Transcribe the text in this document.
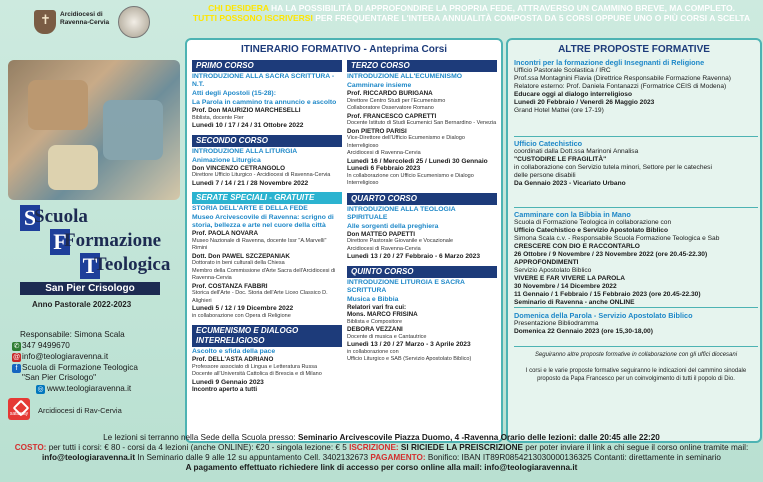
✝
Arcidiocesi di
Ravenna-Cervia
S
Scuola
F
Formazione
T
Teologica
San Pier Crisologo
Anno Pastorale 2022-2023
Responsabile: Simona Scala
✆ 347 9499670
@ info@teologiaravenna.it
f Scuola di Formazione Teologica
"San Pier Crisologo"
◎ www.teologiaravenna.it
satispay Arcidiocesi di Rav-Cervia
CHI DESIDERA HA LA POSSIBILITÀ DI APPROFONDIRE LA PROPRIA FEDE, ATTRAVERSO UN CAMMINO BREVE, MA COMPLETO.
TUTTI POSSONO ISCRIVERSI PER FREQUENTARE L'INTERA ANNUALITÀ COMPOSTA DA 5 CORSI OPPURE UNO O PIÙ CORSI A SCELTA
ITINERARIO FORMATIVO - Anteprima Corsi
PRIMO CORSO
INTRODUZIONE ALLA SACRA SCRITTURA - N.T.
Atti degli Apostoli (15-28):
La Parola in cammino tra annuncio e ascolto
Prof. Don MAURIZIO MARCHESELLI
Biblista, docente Fter
Lunedì 10 / 17 / 24 / 31 Ottobre 2022
SECONDO CORSO
INTRODUZIONE ALLA LITURGIA
Animazione Liturgica
Don VINCENZO CETRANGOLO
Direttore Ufficio Liturgico - Arcidiocesi di Ravenna-Cervia
Lunedì 7 / 14 / 21 / 28 Novembre 2022
SERATE SPECIALI - GRATUITE
STORIA DELL'ARTE E DELLA FEDE
Museo Arcivescovile di Ravenna: scrigno di storia, bellezza e arte nel cuore della città
Prof. PAOLA NOVARA
Museo Nazionale di Ravenna, docente Issr "A.Marvelli" Rimini
Dott. Don PAWEL SZCZEPANIAK
Dottorato in beni culturali della Chiesa
Membro della Commissione d'Arte Sacra dell'Arcidiocesi di Ravenna-Cervia
Prof. COSTANZA FABBRI
Storica dell'Arte - Doc. Storia dell'Arte Liceo Classico D. Alighieri
Lunedì 5 / 12 / 19 Dicembre 2022
in collaborazione con Opera di Religione
ECUMENISMO E DIALOGO INTERRELIGIOSO
Ascolto e sfida della pace
Prof. DELL'ASTA ADRIANO
Professore associato di Lingua e Letteratura Russa
Docente all'Università Cattolica di Brescia e di Milano
Lunedì 9 Gennaio 2023
Incontro aperto a tutti
TERZO CORSO
INTRODUZIONE ALL'ECUMENISMO
Camminare insieme
Prof. RICCARDO BURIGANA
Direttore Centro Studi per l'Ecumenismo
Collaboratore Osservatore Romano
Prof. FRANCESCO CAPRETTI
Docente Istituto di Studi Ecumenici San Bernardino - Venezia
Don PIETRO PARISI
Vice-Direttore dell'Ufficio Ecumenismo e Dialogo Interreligioso
Arcidiocesi di Ravenna-Cervia
Lunedì 16 / Mercoledì 25 / Lunedì 30 Gennaio
Lunedì 6 Febbraio 2023
In collaborazione con Ufficio Ecumenismo e Dialogo Interreligioso
QUARTO CORSO
INTRODUZIONE ALLA TEOLOGIA SPIRITUALE
Alle sorgenti della preghiera
Don MATTEO PAPETTI
Direttore Pastorale Giovanile e Vocazionale
Arcidiocesi di Ravenna-Cervia
Lunedì 13 / 20 / 27 Febbraio - 6 Marzo 2023
QUINTO CORSO
INTRODUZIONE LITURGIA E SACRA SCRITTURA
Musica e Bibbia
Relatori vari fra cui:
Mons. MARCO FRISINA
Biblista e Compositore
DEBORA VEZZANI
Docente di musica e Cantautrice
Lunedì 13 / 20 / 27 Marzo - 3 Aprile 2023
in collaborazione con
Ufficio Liturgico e SAB (Servizio Apostolato Biblico)
ALTRE PROPOSTE FORMATIVE
Incontri per la formazione degli Insegnanti di Religione
Ufficio Pastorale Scolastica / IRC
Prof.ssa Montagnini Flavia (Direttrice Responsabile Formazione Ravenna)
Relatore esterno: Prof. Daniela Fontanazzi (Formatrice CEIS di Modena)
Educare oggi al dialogo interreligioso
Lunedì 20 Febbraio / Venerdì 26 Maggio 2023
Grand Hotel Mattei (ore 17-19)
Ufficio Catechistico
coordinati dalla Dott.ssa Marinoni Annalisa
"CUSTODIRE LE FRAGILITÀ"
in collaborazione con Servizio tutela minori, Settore per le catechesi
delle persone disabili
Da Gennaio 2023 - Vicariato Urbano
Camminare con la Bibbia in Mano
Scuola di Formazione Teologica in collaborazione con
Ufficio Catechistico e Servizio Apostolato Biblico
Simona Scala c.v. - Responsabile Scuola Formazione Teologica e Sab
CRESCERE CON DIO E RACCONTARLO
26 Ottobre / 9 Novembre / 23 Novembre 2022 (ore 20.45-22.30)
APPROFONDIMENTI
Servizio Apostolato Biblico
VIVERE E FAR VIVERE LA PAROLA
30 Novembre / 14 Dicembre 2022
11 Gennaio / 1 Febbraio / 15 Febbraio 2023 (ore 20.45-22.30)
Seminario di Ravenna - anche ONLINE
Domenica della Parola - Servizio Apostolato Biblico
Presentazione Bibliodramma
Domenica 22 Gennaio 2023 (ore 15,30-18,00)
Seguiranno altre proposte formative in collaborazione con gli uffici diocesani
I corsi e le varie proposte formative seguiranno le indicazioni del cammino sinodale proposto da Papa Francesco per un coinvolgimento di tutti il popolo di Dio.
Le lezioni si terranno nella Sede della Scuola presso: Seminario Arcivescovile Piazza Duomo, 4 -Ravenna Orario delle lezioni: dalle 20:45 alle 22:20
COSTO: per tutti i corsi: € 80 - corsi da 4 lezioni (anche ONLINE): €20 - singola lezione: € 5 ISCRIZIONE: SI RICIEDE LA PREISCRIZIONE per poter inviare il link a chi segue il corso online tramite mail:
info@teologiaravenna.it In Seminario dalle 9 alle 12 su appuntamento Cell. 3402132673 PAGAMENTO: Bonifico: IBAN IT89R0854213030000136325 Contanti: direttamente in seminario
A pagamento effettuato richiedere link di accesso per corso online alla mail: info@teologiaravenna.it
